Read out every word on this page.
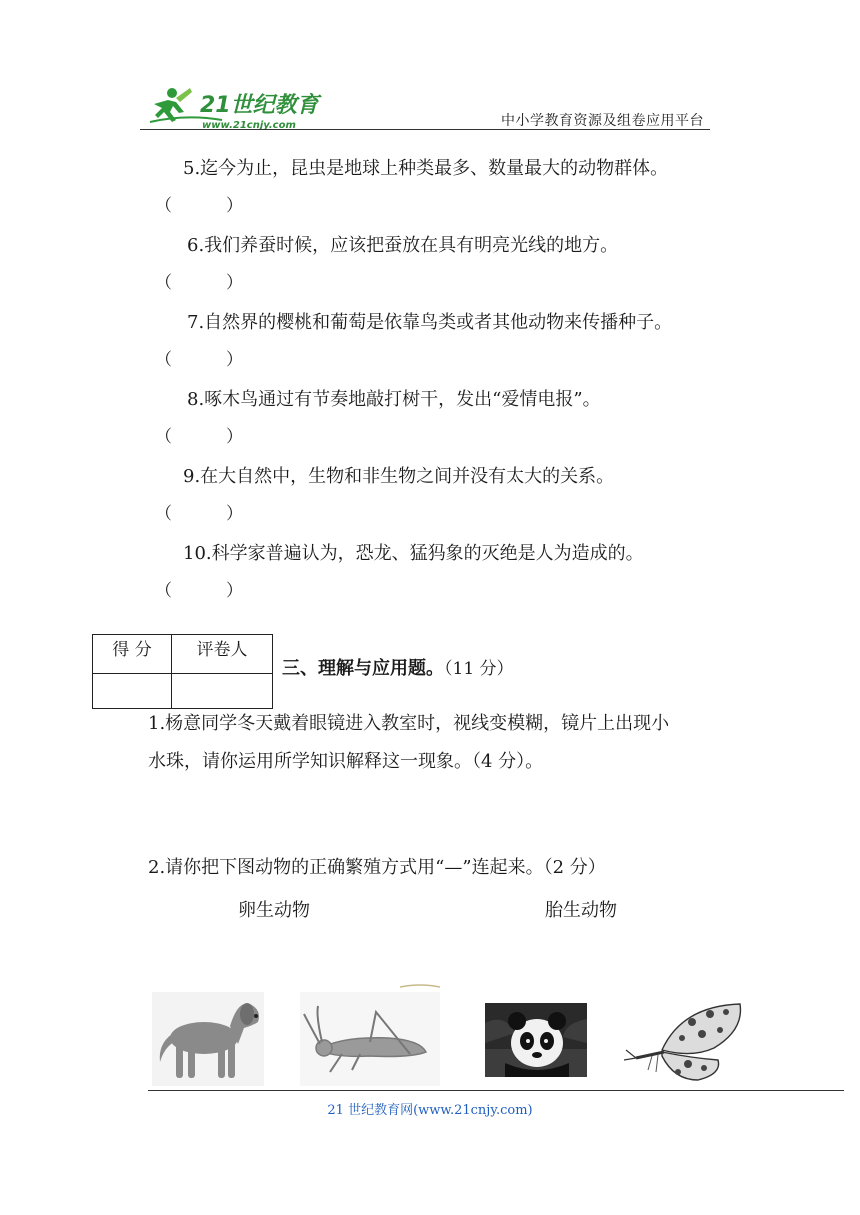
21世纪教育
www.21cnjy.com	中小学教育资源及组卷应用平台
5.迄今为止，昆虫是地球上种类最多、数量最大的动物群体。
（          ）
6.我们养蚕时候，应该把蚕放在具有明亮光线的地方。
（          ）
7.自然界的樱桃和葡萄是依靠鸟类或者其他动物来传播种子。
（          ）
8.啄木鸟通过有节奏地敲打树干，发出“爱情电报”。
（          ）
9.在大自然中，生物和非生物之间并没有太大的关系。
（          ）
10.科学家普遍认为，恐龙、猛犸象的灭绝是人为造成的。
（          ）
得 分	评卷人

三、理解与应用题。（11 分）
1.杨意同学冬天戴着眼镜进入教室时，视线变模糊，镜片上出现小
水珠，请你运用所学知识解释这一现象。（4 分）。
2.请你把下图动物的正确繁殖方式用“—”连起来。（2 分）
卵生动物	胎生动物
21 世纪教育网(www.21cnjy.com)
